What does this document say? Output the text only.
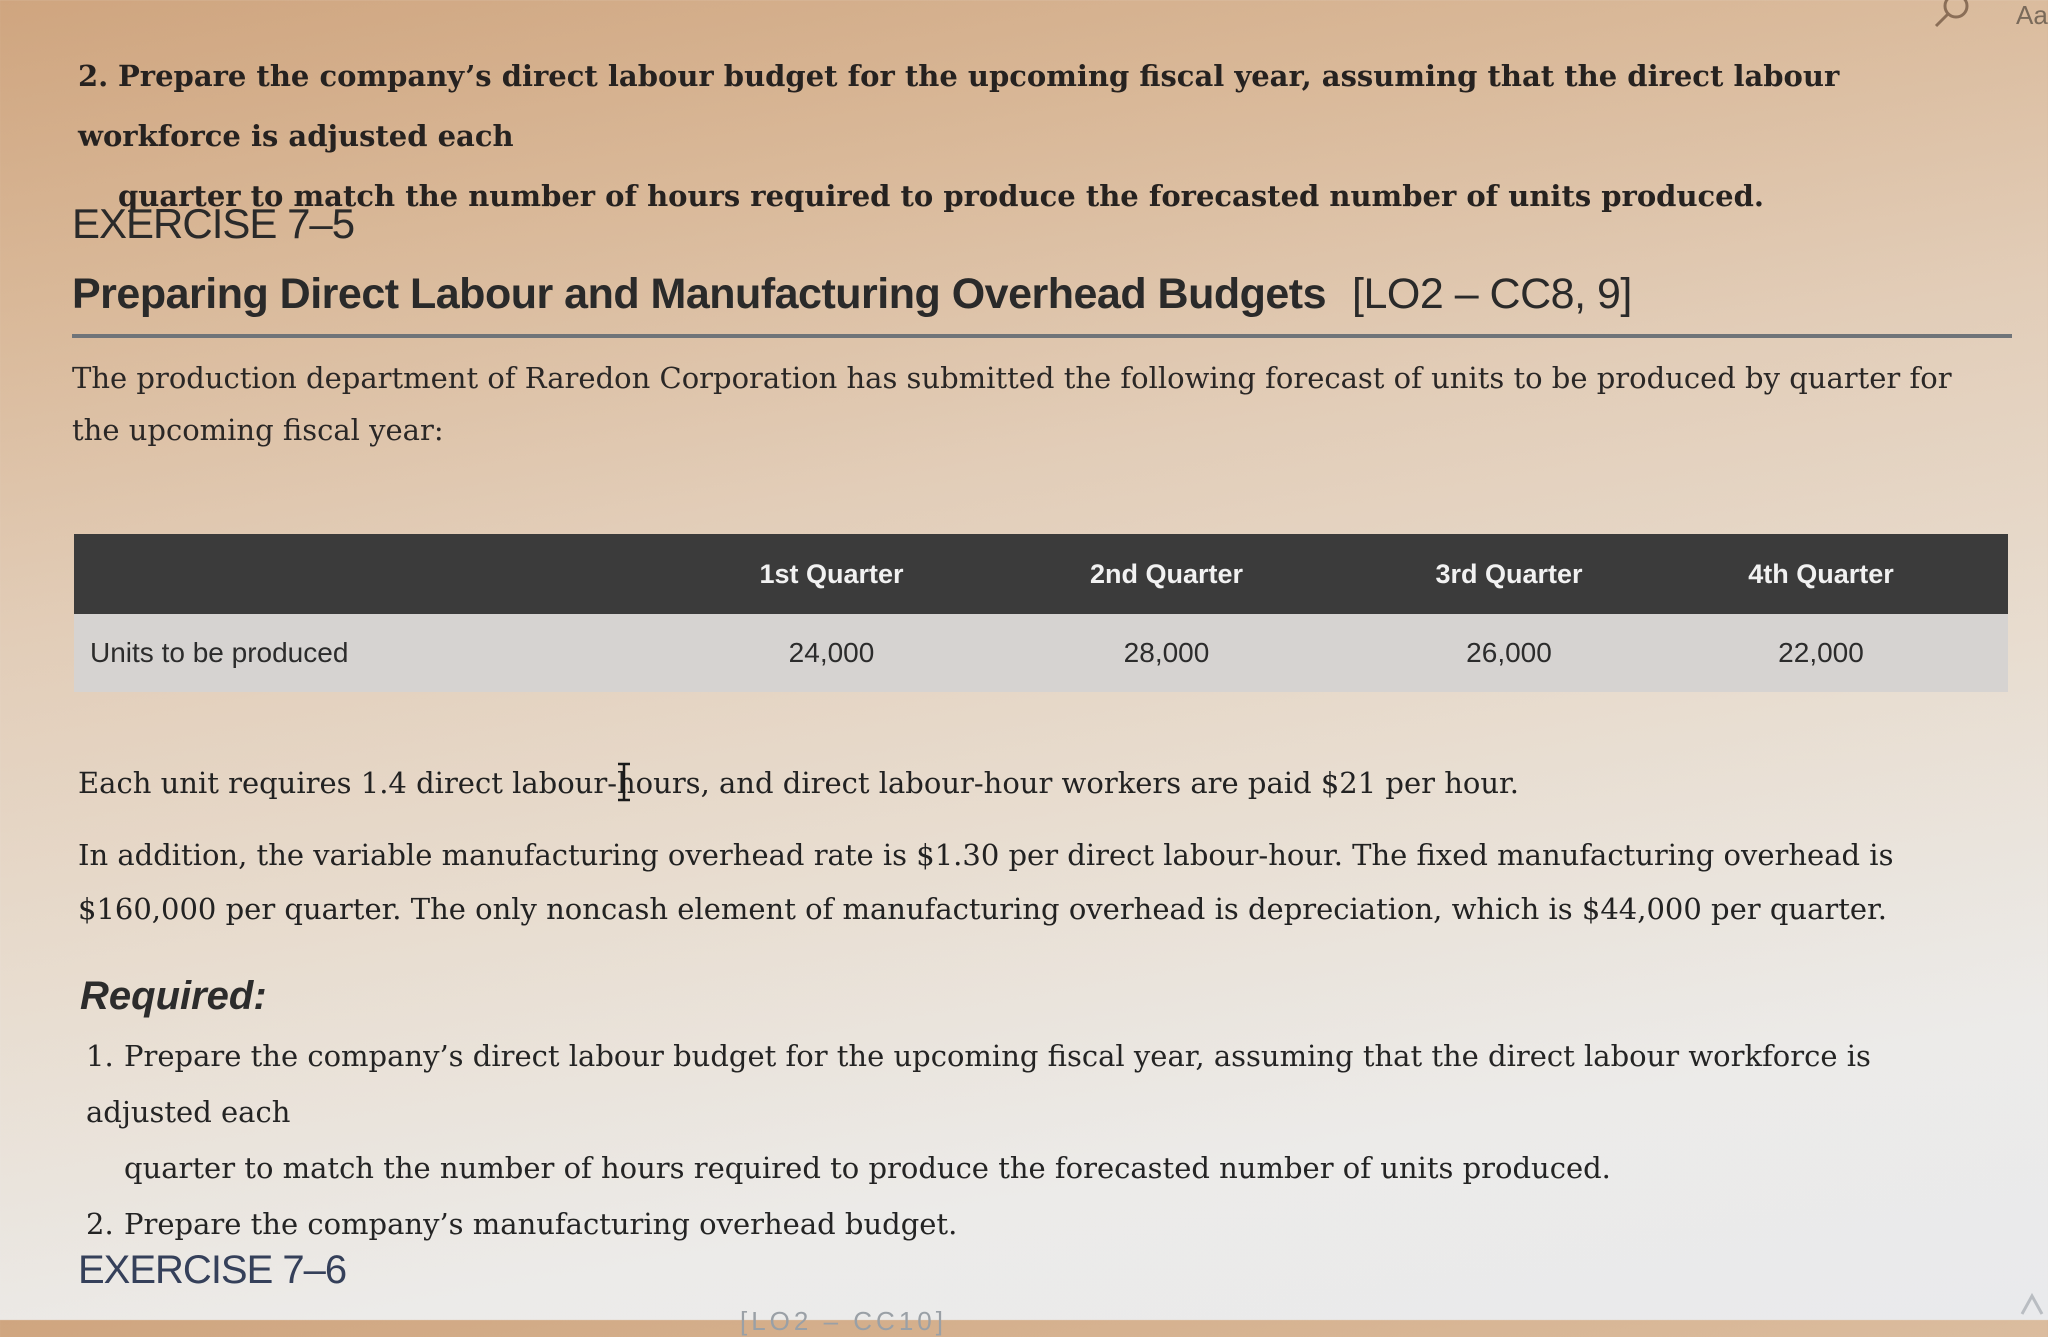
2. Prepare the company’s direct labour budget for the upcoming fiscal year, assuming that the direct labour workforce is adjusted each
quarter to match the number of hours required to produce the forecasted number of units produced.
EXERCISE 7–5
Preparing Direct Labour and Manufacturing Overhead Budgets [LO2 – CC8, 9]
The production department of Raredon Corporation has submitted the following forecast of units to be produced by quarter for the upcoming fiscal year:
	1st Quarter	2nd Quarter	3rd Quarter	4th Quarter
Units to be produced	24,000	28,000	26,000	22,000
Each unit requires 1.4 direct labour-hours, and direct labour-hour workers are paid $21 per hour.
In addition, the variable manufacturing overhead rate is $1.30 per direct labour-hour. The fixed manufacturing overhead is $160,000 per quarter. The only noncash element of manufacturing overhead is depreciation, which is $44,000 per quarter.
Required:
1. Prepare the company’s direct labour budget for the upcoming fiscal year, assuming that the direct labour workforce is adjusted each
quarter to match the number of hours required to produce the forecasted number of units produced.
2. Prepare the company’s manufacturing overhead budget.
EXERCISE 7–6
[LO2 – CC10]
Aa
